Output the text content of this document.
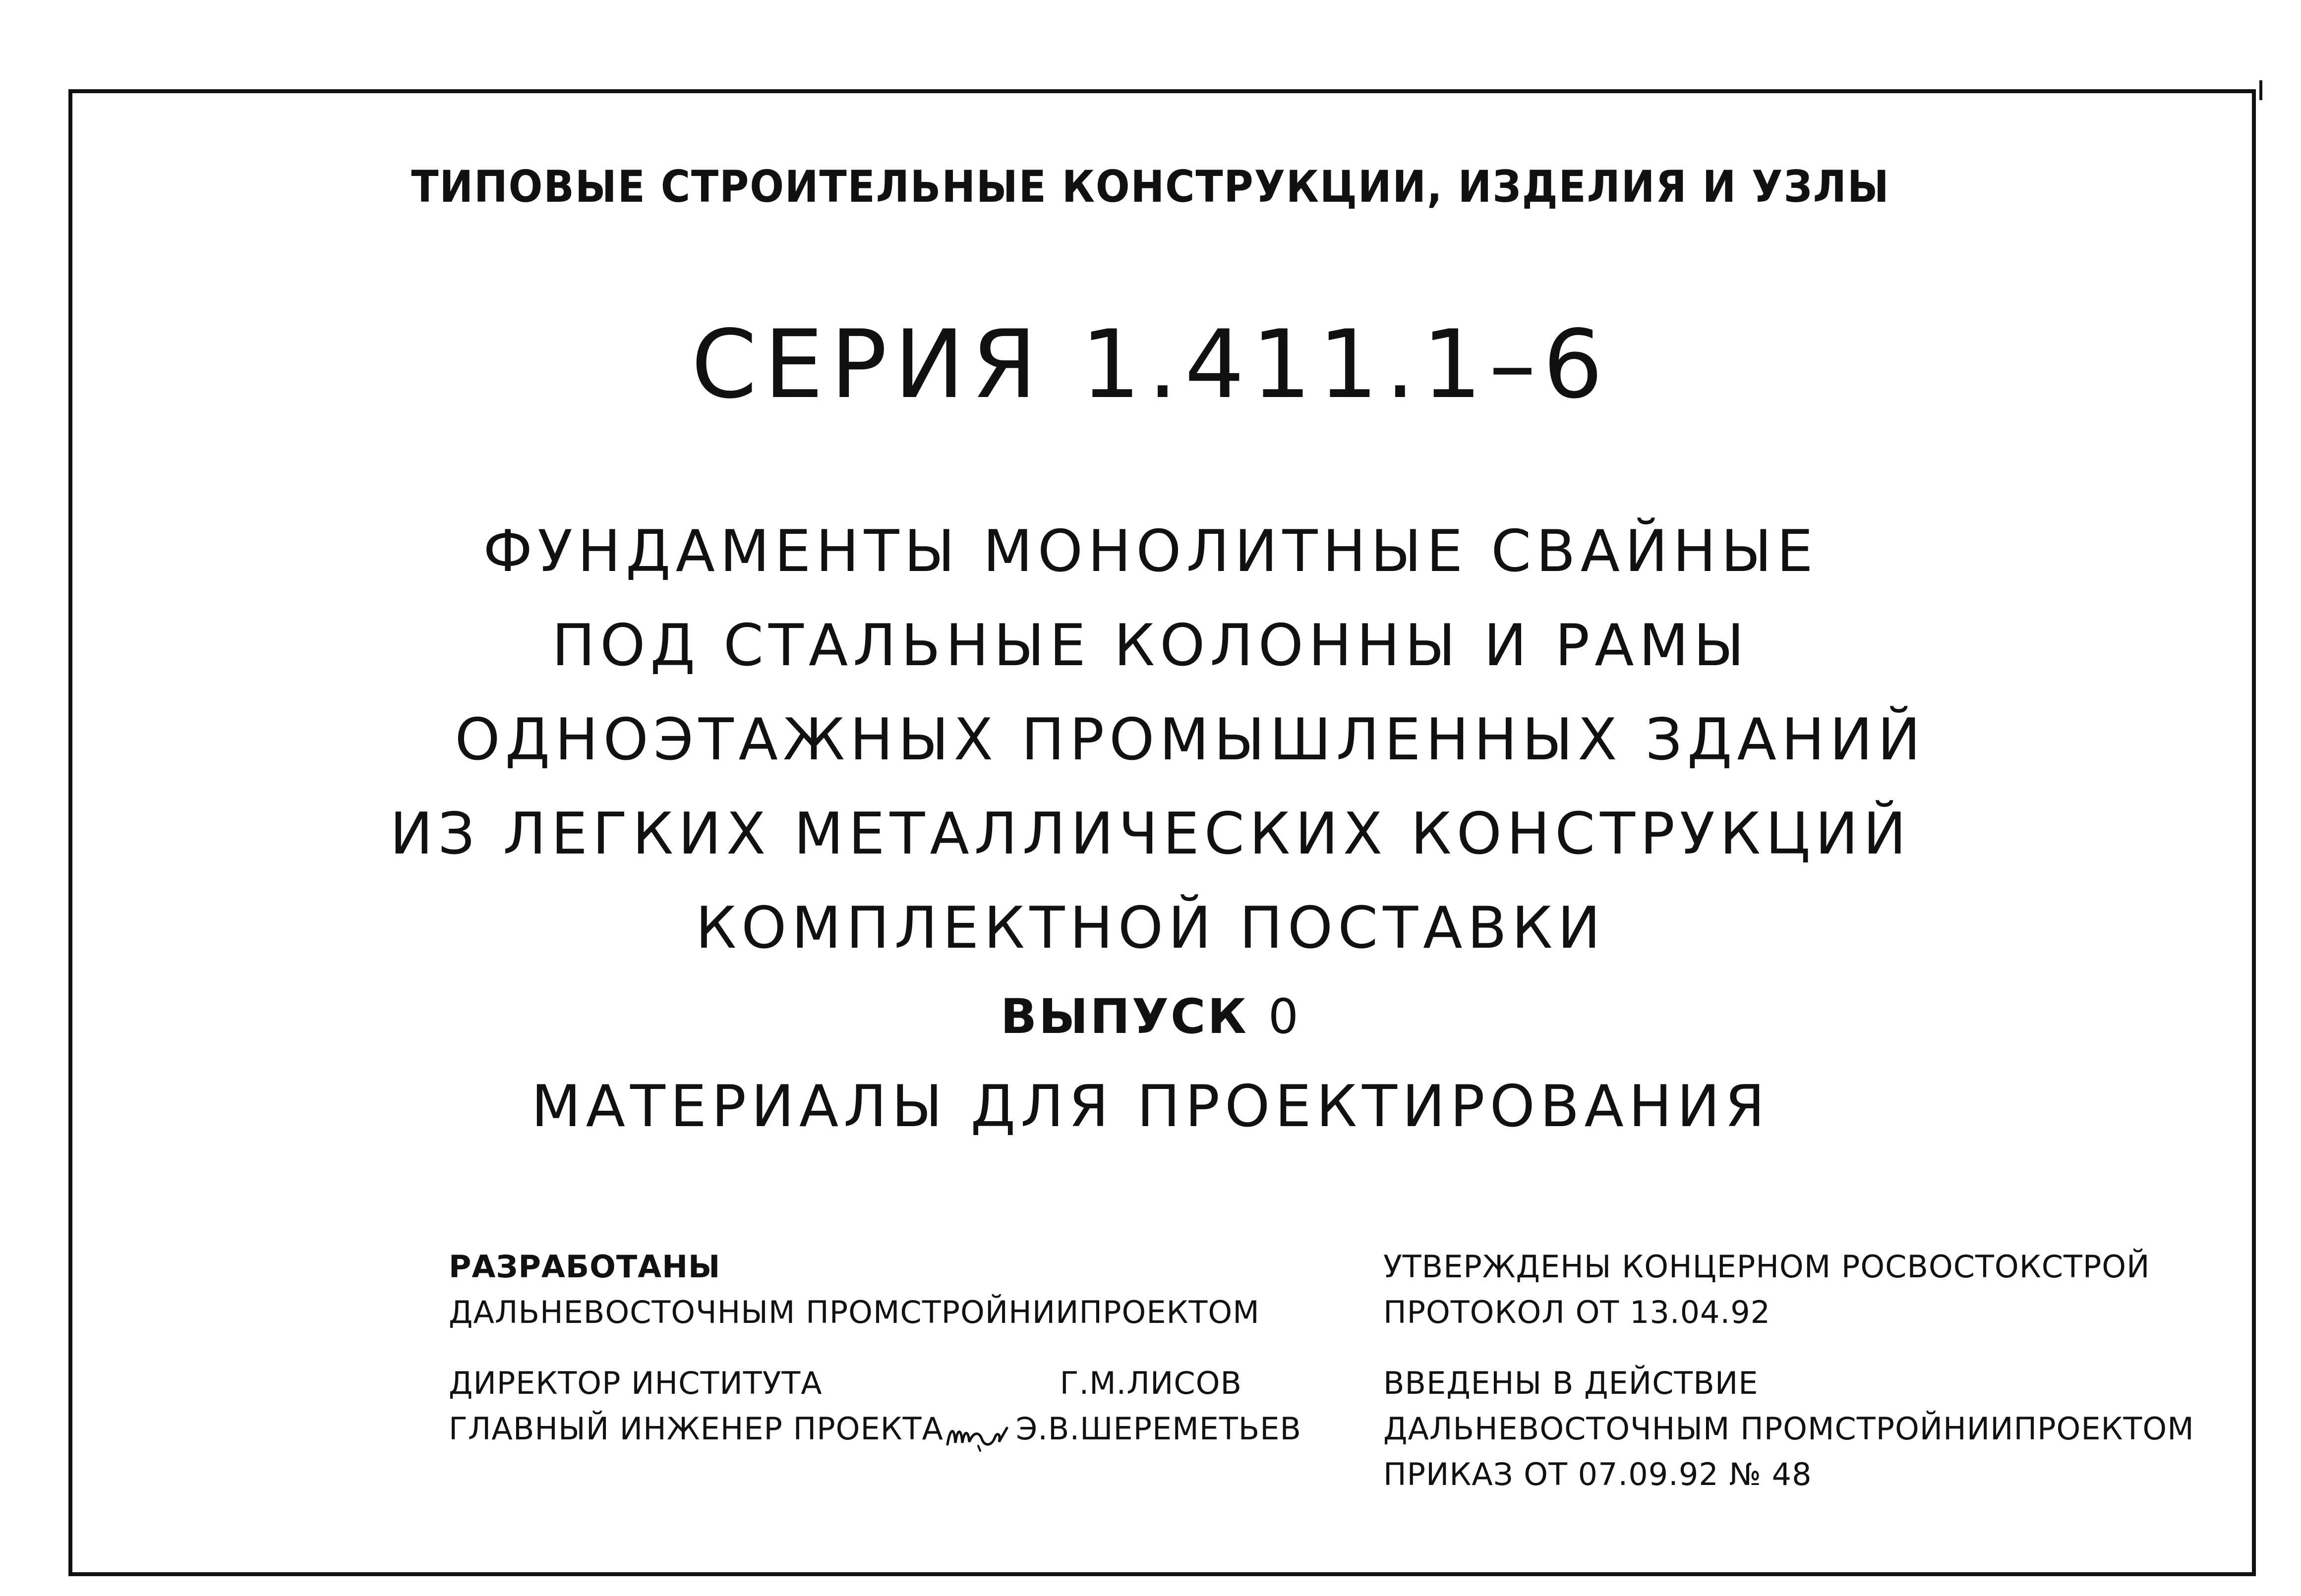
ТИПОВЫЕ СТРОИТЕЛЬНЫЕ КОНСТРУКЦИИ, ИЗДЕЛИЯ И УЗЛЫ
СЕРИЯ 1.411.1–6
ФУНДАМЕНТЫ МОНОЛИТНЫЕ СВАЙНЫЕ
ПОД СТАЛЬНЫЕ КОЛОННЫ И РАМЫ
ОДНОЭТАЖНЫХ ПРОМЫШЛЕННЫХ ЗДАНИЙ
ИЗ ЛЕГКИХ МЕТАЛЛИЧЕСКИХ КОНСТРУКЦИЙ
КОМПЛЕКТНОЙ ПОСТАВКИ
ВЫПУСК 0
МАТЕРИАЛЫ ДЛЯ ПРОЕКТИРОВАНИЯ
РАЗРАБОТАНЫ
ДАЛЬНЕВОСТОЧНЫМ ПРОМСТРОЙНИИПРОЕКТОМ
УТВЕРЖДЕНЫ КОНЦЕРНОМ РОСВОСТОКСТРОЙ
ПРОТОКОЛ ОТ 13.04.92
ДИРЕКТОР ИНСТИТУТА	Г.М.ЛИСОВ
ГЛАВНЫЙ ИНЖЕНЕР ПРОЕКТА Э.В.ШЕРЕМЕТЬЕВ
ВВЕДЕНЫ В ДЕЙСТВИЕ
ДАЛЬНЕВОСТОЧНЫМ ПРОМСТРОЙНИИПРОЕКТОМ
ПРИКАЗ ОТ 07.09.92 № 48
